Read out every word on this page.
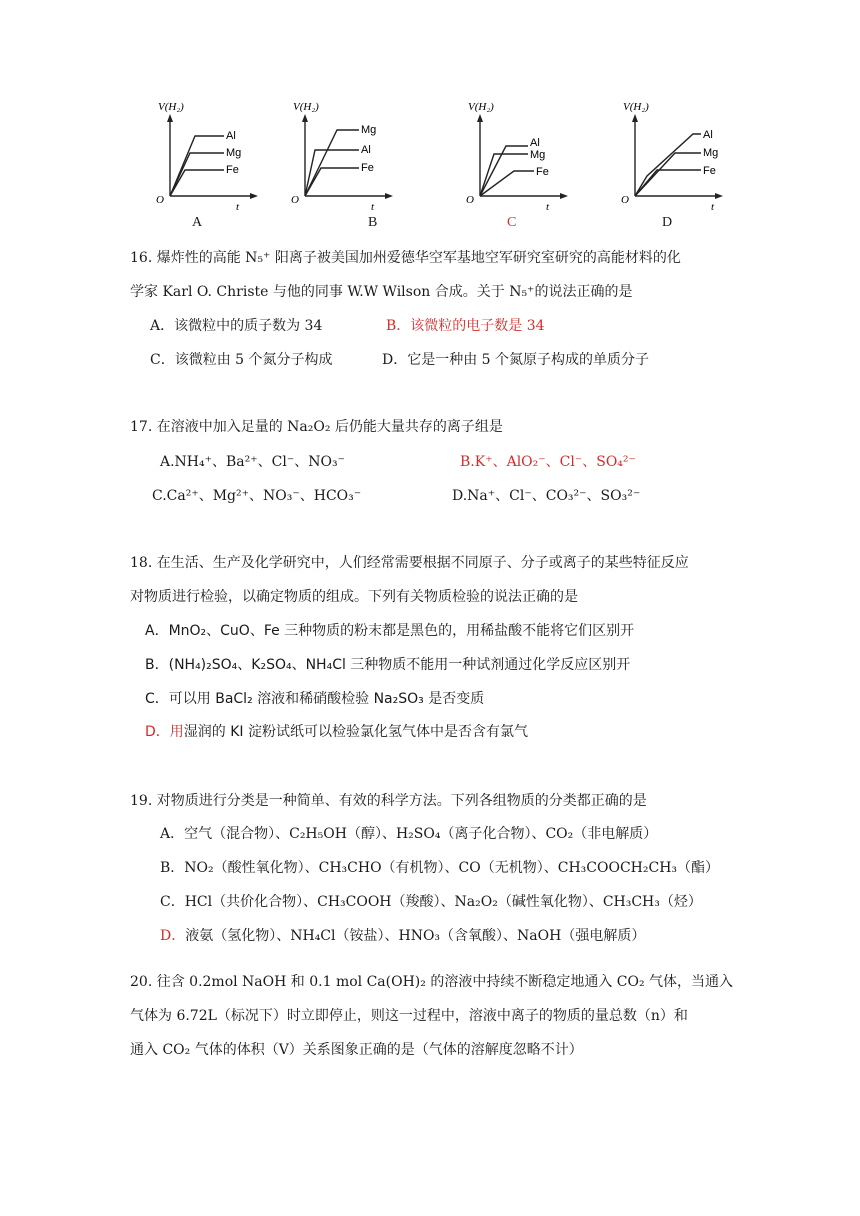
V(H₂)
O
t
Al
Mg
Fe
V(H₂)
O
t
Mg
Al
Fe
V(H₂)
O
t
Al
Mg
Fe
V(H₂)
O
t
Al
Mg
Fe
A	B	C	D
16. 爆炸性的高能 N₅⁺ 阳离子被美国加州爱德华空军基地空军研究室研究的高能材料的化
学家 Karl O. Christe 与他的同事 W.W Wilson 合成。关于 N₅⁺的说法正确的是
A．该微粒中的质子数为 34	B．该微粒的电子数是 34
C．该微粒由 5 个氮分子构成	D．它是一种由 5 个氮原子构成的单质分子
17. 在溶液中加入足量的 Na₂O₂ 后仍能大量共存的离子组是
A.NH₄⁺、Ba²⁺、Cl⁻、NO₃⁻	B.K⁺、AlO₂⁻、Cl⁻、SO₄²⁻
C.Ca²⁺、Mg²⁺、NO₃⁻、HCO₃⁻	D.Na⁺、Cl⁻、CO₃²⁻、SO₃²⁻
18. 在生活、生产及化学研究中，人们经常需要根据不同原子、分子或离子的某些特征反应
对物质进行检验，以确定物质的组成。下列有关物质检验的说法正确的是
A．MnO₂、CuO、Fe 三种物质的粉末都是黑色的，用稀盐酸不能将它们区别开
B．(NH₄)₂SO₄、K₂SO₄、NH₄Cl 三种物质不能用一种试剂通过化学反应区别开
C．可以用 BaCl₂ 溶液和稀硝酸检验 Na₂SO₃ 是否变质
D．用湿润的 KI 淀粉试纸可以检验氯化氢气体中是否含有氯气
19. 对物质进行分类是一种简单、有效的科学方法。下列各组物质的分类都正确的是
A．空气（混合物）、C₂H₅OH（醇）、H₂SO₄（离子化合物）、CO₂（非电解质）
B．NO₂（酸性氧化物）、CH₃CHO（有机物）、CO（无机物）、CH₃COOCH₂CH₃（酯）
C．HCl（共价化合物）、CH₃COOH（羧酸）、Na₂O₂（碱性氧化物）、CH₃CH₃（烃）
D．液氨（氢化物）、NH₄Cl（铵盐）、HNO₃（含氧酸）、NaOH（强电解质）
20. 往含 0.2mol NaOH 和 0.1 mol Ca(OH)₂ 的溶液中持续不断稳定地通入 CO₂ 气体，当通入
气体为 6.72L（标况下）时立即停止，则这一过程中，溶液中离子的物质的量总数（n）和
通入 CO₂ 气体的体积（V）关系图象正确的是（气体的溶解度忽略不计）
